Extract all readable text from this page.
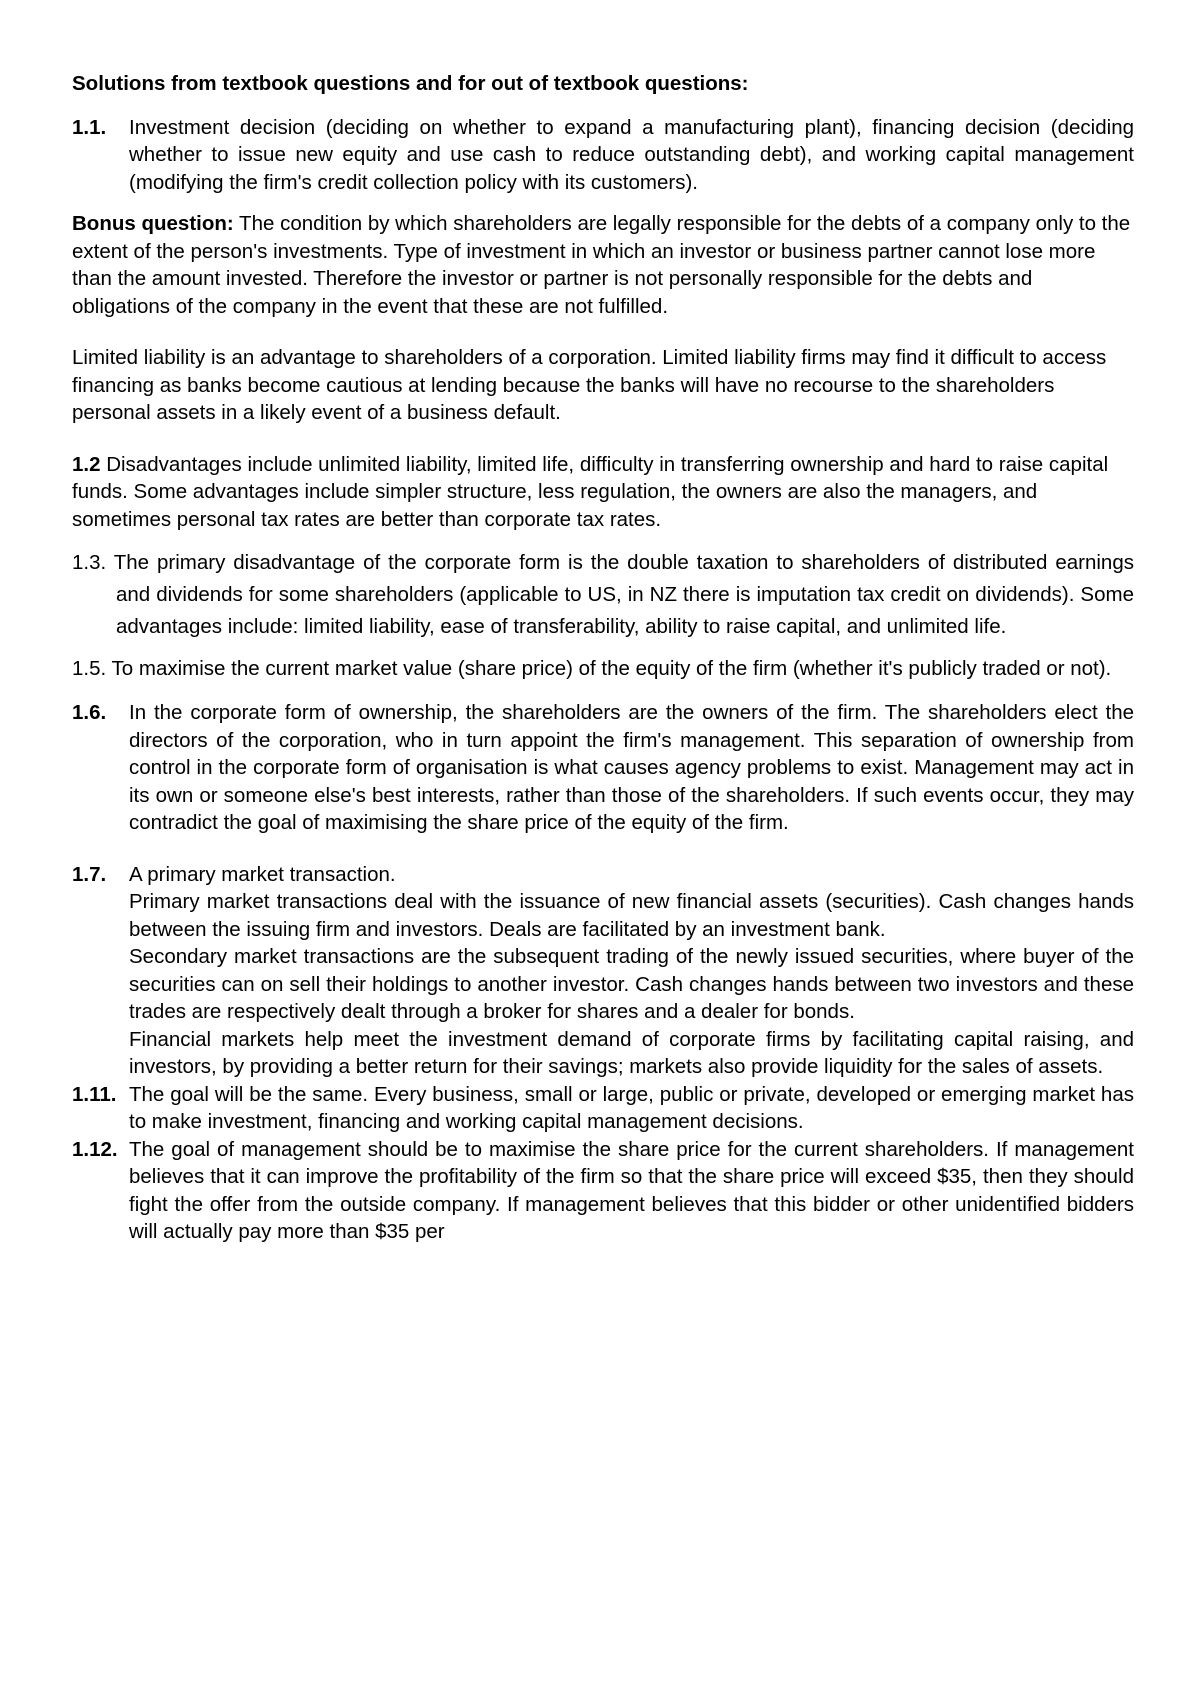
Solutions from textbook questions and for out of textbook questions:

1.1.	Investment decision (deciding on whether to expand a manufacturing plant), financing decision (deciding whether to issue new equity and use cash to reduce outstanding debt), and working capital management (modifying the firm's credit collection policy with its customers).

Bonus question: The condition by which shareholders are legally responsible for the debts of a company only to the extent of the person's investments. Type of investment in which an investor or business partner cannot lose more than the amount invested. Therefore the investor or partner is not personally responsible for the debts and obligations of the company in the event that these are not fulfilled.

Limited liability is an advantage to shareholders of a corporation. Limited liability firms may find it difficult to access financing as banks become cautious at lending because the banks will have no recourse to the shareholders personal assets in a likely event of a business default.

1.2 Disadvantages include unlimited liability, limited life, difficulty in transferring ownership and hard to raise capital funds. Some advantages include simpler structure, less regulation, the owners are also the managers, and sometimes personal tax rates are better than corporate tax rates.

1.3. The primary disadvantage of the corporate form is the double taxation to shareholders of distributed earnings and dividends for some shareholders (applicable to US, in NZ there is imputation tax credit on dividends). Some advantages include: limited liability, ease of transferability, ability to raise capital, and unlimited life.

1.5. To maximise the current market value (share price) of the equity of the firm (whether it's publicly traded or not).

1.6.	In the corporate form of ownership, the shareholders are the owners of the firm. The shareholders elect the directors of the corporation, who in turn appoint the firm's management. This separation of ownership from control in the corporate form of organisation is what causes agency problems to exist. Management may act in its own or someone else's best interests, rather than those of the shareholders. If such events occur, they may contradict the goal of maximising the share price of the equity of the firm.
1.7.	A primary market transaction.
Primary market transactions deal with the issuance of new financial assets (securities). Cash changes hands between the issuing firm and investors. Deals are facilitated by an investment bank.
Secondary market transactions are the subsequent trading of the newly issued securities, where buyer of the securities can on sell their holdings to another investor. Cash changes hands between two investors and these trades are respectively dealt through a broker for shares and a dealer for bonds.
Financial markets help meet the investment demand of corporate firms by facilitating capital raising, and investors, by providing a better return for their savings; markets also provide liquidity for the sales of assets.
1.11. The goal will be the same. Every business, small or large, public or private, developed or emerging market has to make investment, financing and working capital management decisions.
1.12. The goal of management should be to maximise the share price for the current shareholders. If management believes that it can improve the profitability of the firm so that the share price will exceed $35, then they should fight the offer from the outside company. If management believes that this bidder or other unidentified bidders will actually pay more than $35 per
